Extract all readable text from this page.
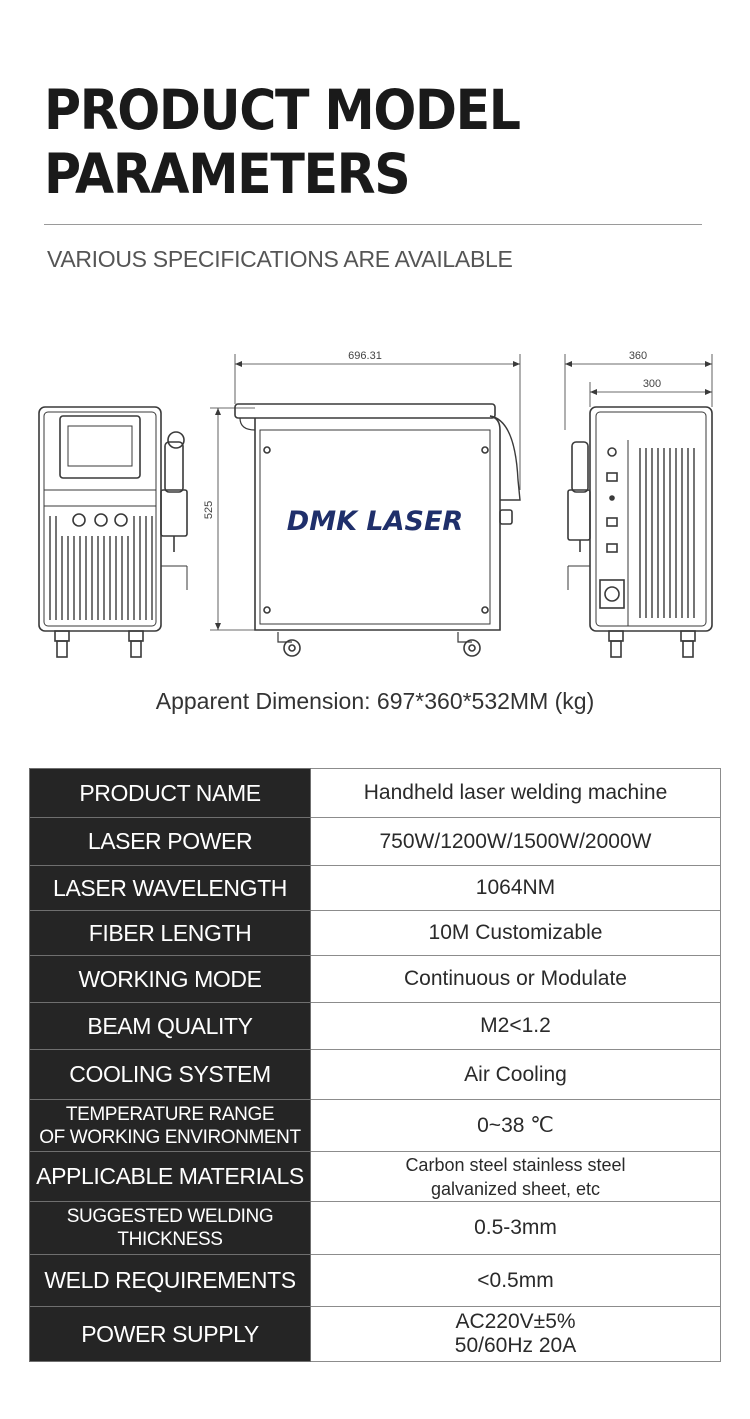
PRODUCT MODEL
PARAMETERS
VARIOUS SPECIFICATIONS ARE AVAILABLE
696.31
525
360
300
DMK LASER
Apparent Dimension: 697*360*532MM (kg)
PRODUCT NAME	Handheld laser welding machine

LASER POWER	750W/1200W/1500W/2000W

LASER WAVELENGTH	1064NM

FIBER LENGTH	10M Customizable

WORKING MODE	Continuous or Modulate

BEAM QUALITY	M2<1.2

COOLING SYSTEM	Air Cooling

TEMPERATURE RANGE
OF WORKING ENVIRONMENT	0~38 ℃

APPLICABLE MATERIALS	Carbon steel stainless steel
galvanized sheet, etc

SUGGESTED WELDING
THICKNESS	0.5-3mm

WELD REQUIREMENTS	<0.5mm

POWER SUPPLY	AC220V±5%
50/60Hz 20A
